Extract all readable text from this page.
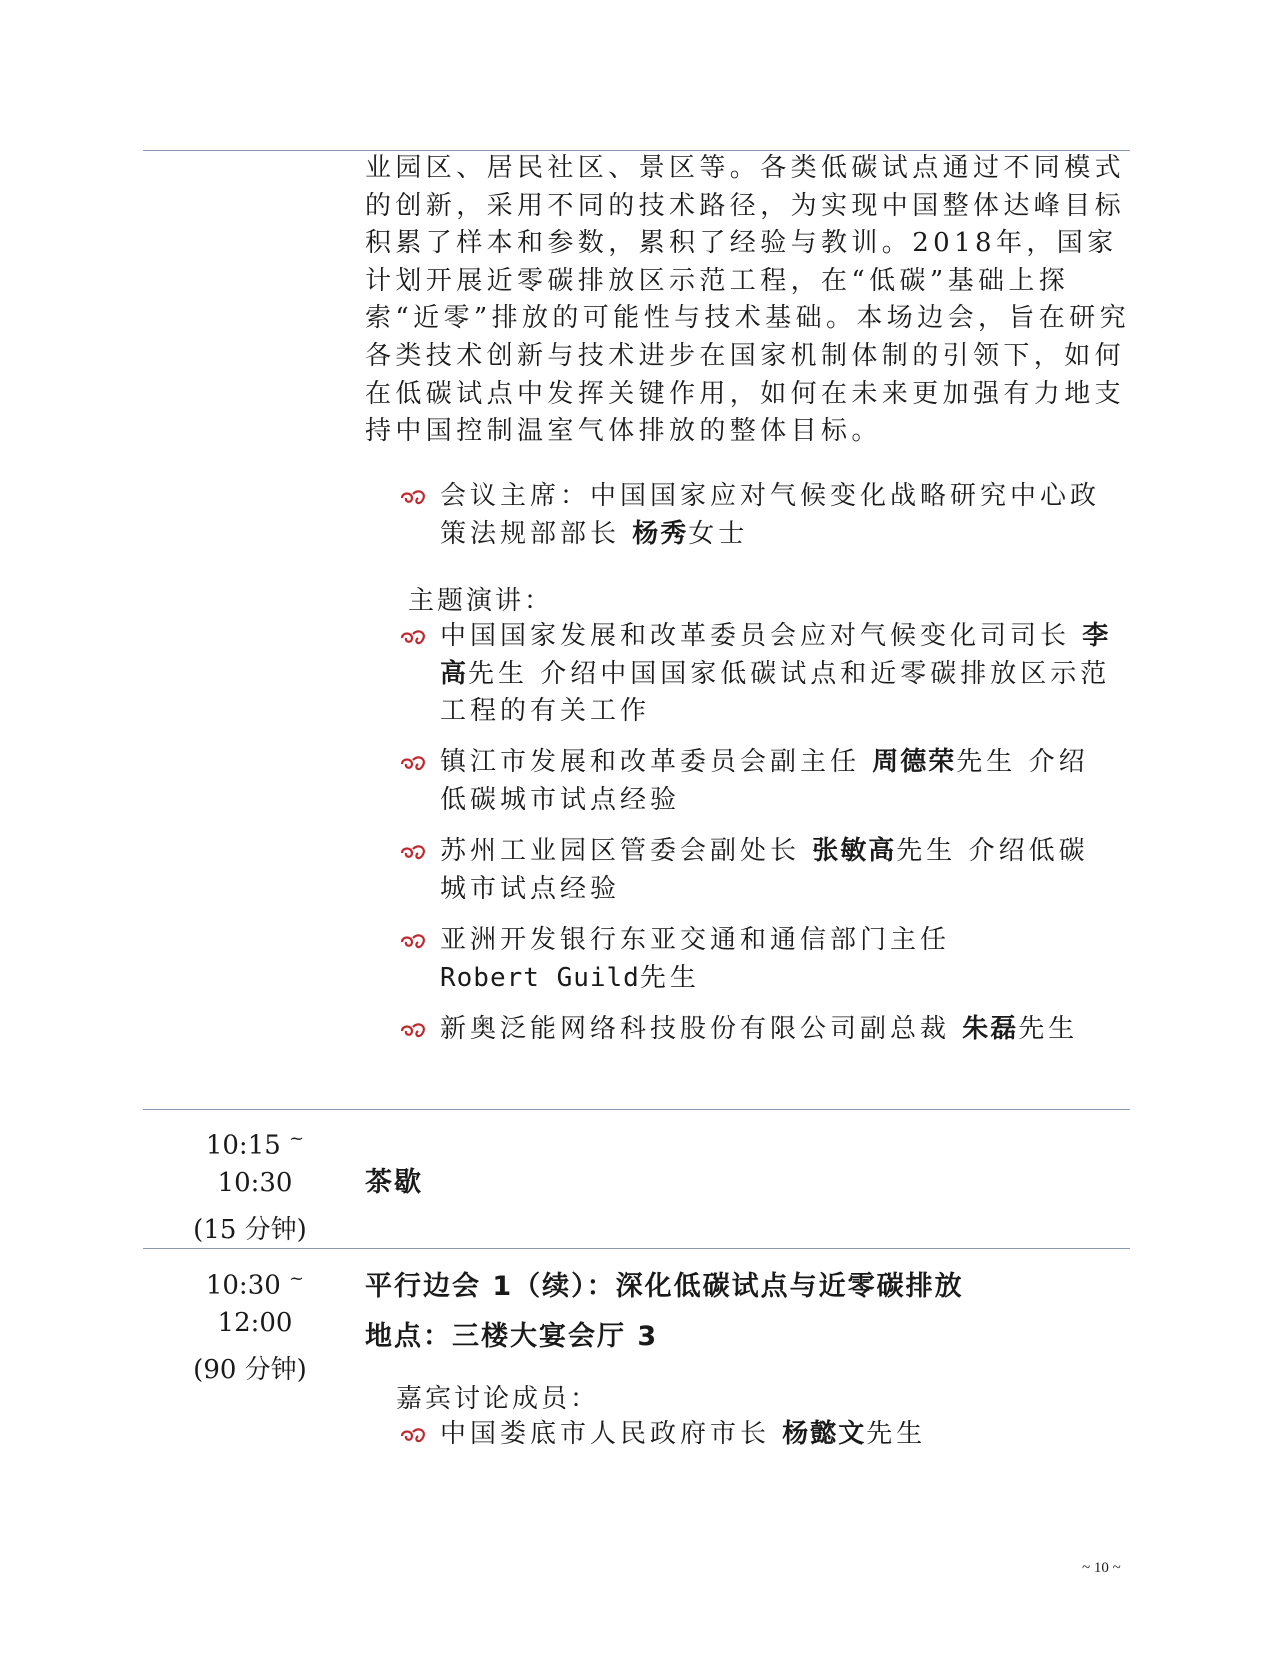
业园区、居民社区、景区等。各类低碳试点通过不同模式的创新，采用不同的技术路径，为实现中国整体达峰目标积累了样本和参数，累积了经验与教训。2018年，国家计划开展近零碳排放区示范工程，在“低碳”基础上探索“近零”排放的可能性与技术基础。本场边会，旨在研究各类技术创新与技术进步在国家机制体制的引领下，如何在低碳试点中发挥关键作用，如何在未来更加强有力地支持中国控制温室气体排放的整体目标。

会议主席：中国国家应对气候变化战略研究中心政策法规部部长 杨秀女士

主题演讲：

中国国家发展和改革委员会应对气候变化司司长 李高先生 介绍中国国家低碳试点和近零碳排放区示范工程的有关工作

镇江市发展和改革委员会副主任 周德荣先生 介绍低碳城市试点经验

苏州工业园区管委会副处长 张敏高先生 介绍低碳城市试点经验

亚洲开发银行东亚交通和通信部门主任 Robert Guild先生

新奥泛能网络科技股份有限公司副总裁 朱磊先生

10:15 ~
10:30
(15 分钟)
茶歇
10:30 ~
12:00
(90 分钟)
平行边会 1（续）：深化低碳试点与近零碳排放
地点：三楼大宴会厅 3
嘉宾讨论成员：

中国娄底市人民政府市长 杨懿文先生

~ 10 ~
